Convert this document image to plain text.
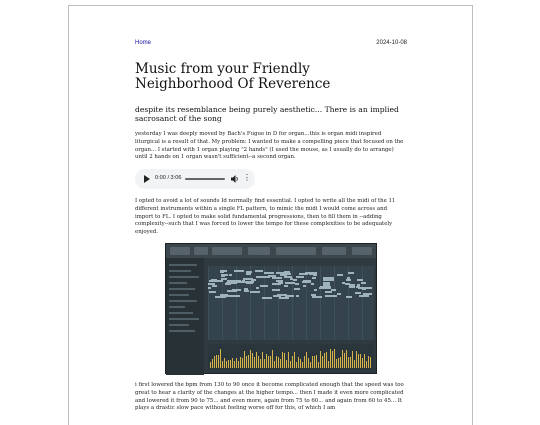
Home	2024-10-08
Music from your Friendly Neighborhood Of Reverence
despite its resemblance being purely aesthetic... There is an implied sacrosanct of the song

yesterday I was deeply moved by Bach's Fugue in D for organ...this is organ midi inspired liturgical is a result of that. My problem: I wanted to make a compelling piece that focused on the organ... I started with 1 organ playing "2 hands" (I used the mouse, as I usually do to arrange) until 2 hands on 1 organ wasn't sufficient--a second organ.

0:00 / 3:06	⋮

I opted to avoid a lot of sounds Id normally find essential. I opted to write all the midi of the 11 different instruments within a single FL pattern, to mimic the midi I would come across and import to FL. I opted to make solid fundamental progressions, then to fill them in --adding complexity--such that I was forced to lower the tempo for these complexities to be adequately enjoyed.

i first lowered the bpm from 130 to 90 once it become complicated enough that the speed was too great to hear a clarity of the changes at the higher tempo... then I made it even more complicated and lowered it from 90 to 75... and even more, again from 75 to 60... and again from 60 to 45... It plays a drastic slow pace without feeling worse off for this, of which I am
